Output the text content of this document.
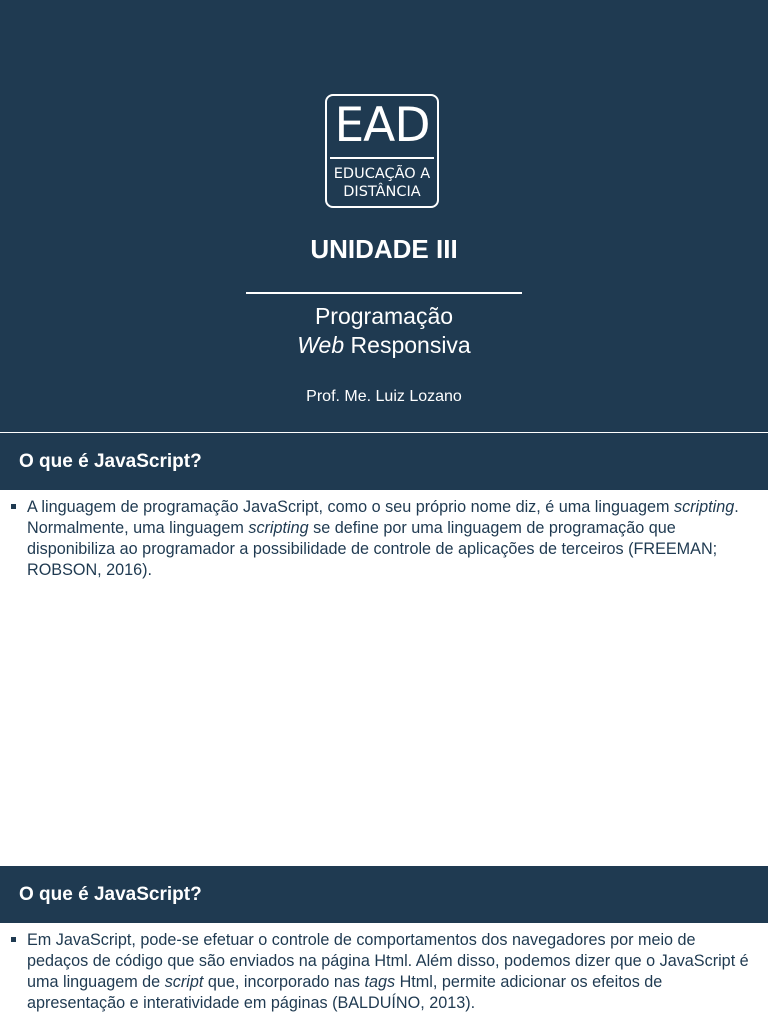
EAD
EDUCAÇÃO A
DISTÂNCIA
UNIDADE III
Programação
Web Responsiva
Prof. Me. Luiz Lozano
O que é JavaScript?
A linguagem de programação JavaScript, como o seu próprio nome diz, é uma linguagem scripting. Normalmente, uma linguagem scripting se define por uma linguagem de programação que disponibiliza ao programador a possibilidade de controle de aplicações de terceiros (FREEMAN; ROBSON, 2016).
O que é JavaScript?
Em JavaScript, pode-se efetuar o controle de comportamentos dos navegadores por meio de pedaços de código que são enviados na página Html. Além disso, podemos dizer que o JavaScript é uma linguagem de script que, incorporado nas tags Html, permite adicionar os efeitos de apresentação e interatividade em páginas (BALDUÍNO, 2013).
